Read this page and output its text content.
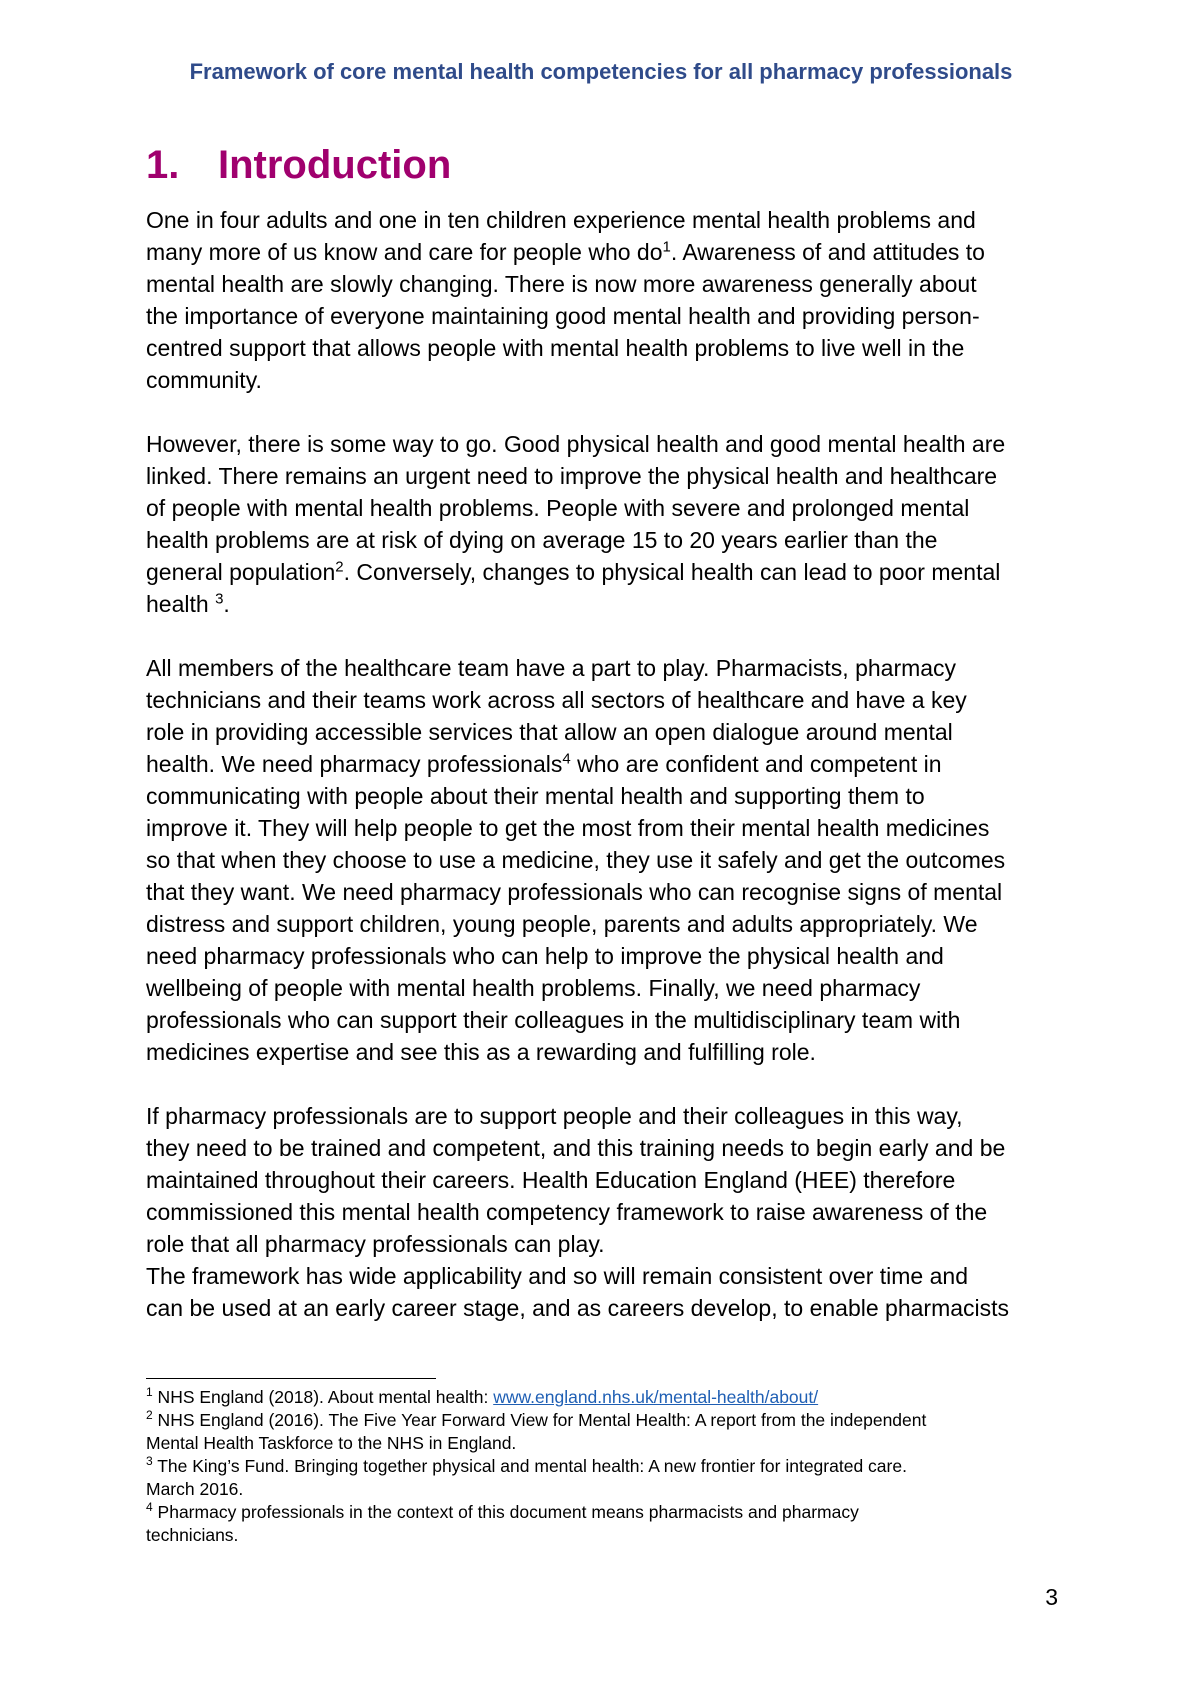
Framework of core mental health competencies for all pharmacy professionals
1. Introduction
One in four adults and one in ten children experience mental health problems and
many more of us know and care for people who $do^1$. Awareness of and attitudes to
mental health are slowly changing. There is now more awareness generally about
the importance of everyone maintaining good mental health and providing person-
centred support that allows people with mental health problems to live well in the
community.
However, there is some way to go. Good physical health and good mental health are
linked. There remains an urgent need to improve the physical health and healthcare
of people with mental health problems. People with severe and prolonged mental
health problems are at risk of dying on average 15 to 20 years earlier than the
general population$^2$. Conversely, changes to physical health can lead to poor mental
health $^3$.
All members of the healthcare team have a part to play. Pharmacists, pharmacy
technicians and their teams work across all sectors of healthcare and have a key
role in providing accessible services that allow an open dialogue around mental
health. We need pharmacy professionals$^4$ who are confident and competent in
communicating with people about their mental health and supporting them to
improve it. They will help people to get the most from their mental health medicines
so that when they choose to use a medicine, they use it safely and get the outcomes
that they want. We need pharmacy professionals who can recognise signs of mental
distress and support children, young people, parents and adults appropriately. We
need pharmacy professionals who can help to improve the physical health and
wellbeing of people with mental health problems. Finally, we need pharmacy
professionals who can support their colleagues in the multidisciplinary team with
medicines expertise and see this as a rewarding and fulfilling role.
If pharmacy professionals are to support people and their colleagues in this way,
they need to be trained and competent, and this training needs to begin early and be
maintained throughout their careers. Health Education England (HEE) therefore
commissioned this mental health competency framework to raise awareness of the
role that all pharmacy professionals can play.
The framework has wide applicability and so will remain consistent over time and
can be used at an early career stage, and as careers develop, to enable pharmacists

$^1$ NHS England (2018). About mental health: www.england.nhs.uk/mental-health/about/

$^2$ NHS England (2016). The Five Year Forward View for Mental Health: A report from the independent
Mental Health Taskforce to the NHS in England.

$^3$ The King’s Fund. Bringing together physical and mental health: A new frontier for integrated care.
March 2016.

$^4$ Pharmacy professionals in the context of this document means pharmacists and pharmacy
technicians.

3
